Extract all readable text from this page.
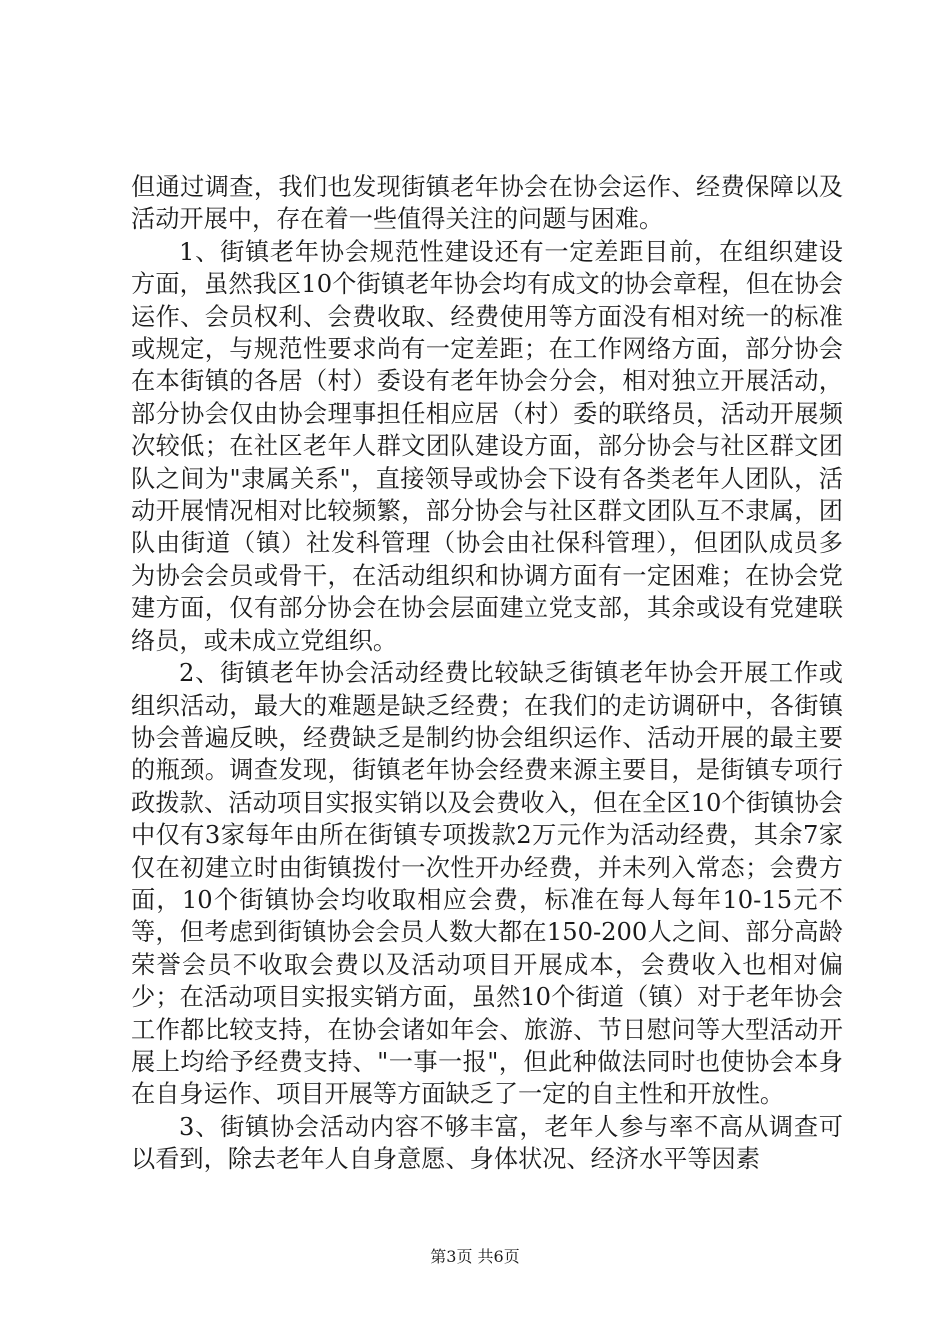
但通过调查，我们也发现街镇老年协会在协会运作、经费保障以及活动开展中，存在着一些值得关注的问题与困难。

1、街镇老年协会规范性建设还有一定差距目前，在组织建设方面，虽然我区10个街镇老年协会均有成文的协会章程，但在协会运作、会员权利、会费收取、经费使用等方面没有相对统一的标准或规定，与规范性要求尚有一定差距；在工作网络方面，部分协会在本街镇的各居（村）委设有老年协会分会，相对独立开展活动，部分协会仅由协会理事担任相应居（村）委的联络员，活动开展频次较低；在社区老年人群文团队建设方面，部分协会与社区群文团队之间为"隶属关系"，直接领导或协会下设有各类老年人团队，活动开展情况相对比较频繁，部分协会与社区群文团队互不隶属，团队由街道（镇）社发科管理（协会由社保科管理），但团队成员多为协会会员或骨干，在活动组织和协调方面有一定困难；在协会党建方面，仅有部分协会在协会层面建立党支部，其余或设有党建联络员，或未成立党组织。

2、街镇老年协会活动经费比较缺乏街镇老年协会开展工作或组织活动，最大的难题是缺乏经费；在我们的走访调研中，各街镇协会普遍反映，经费缺乏是制约协会组织运作、活动开展的最主要的瓶颈。调查发现，街镇老年协会经费来源主要目，是街镇专项行政拨款、活动项目实报实销以及会费收入，但在全区10个街镇协会中仅有3家每年由所在街镇专项拨款2万元作为活动经费，其余7家仅在初建立时由街镇拨付一次性开办经费，并未列入常态；会费方面，10个街镇协会均收取相应会费，标准在每人每年10-15元不等，但考虑到街镇协会会员人数大都在150-200人之间、部分高龄荣誉会员不收取会费以及活动项目开展成本，会费收入也相对偏少；在活动项目实报实销方面，虽然10个街道（镇）对于老年协会工作都比较支持，在协会诸如年会、旅游、节日慰问等大型活动开展上均给予经费支持、"一事一报"，但此种做法同时也使协会本身在自身运作、项目开展等方面缺乏了一定的自主性和开放性。

3、街镇协会活动内容不够丰富，老年人参与率不高从调查可以看到，除去老年人自身意愿、身体状况、经济水平等因素

第3页 共6页
